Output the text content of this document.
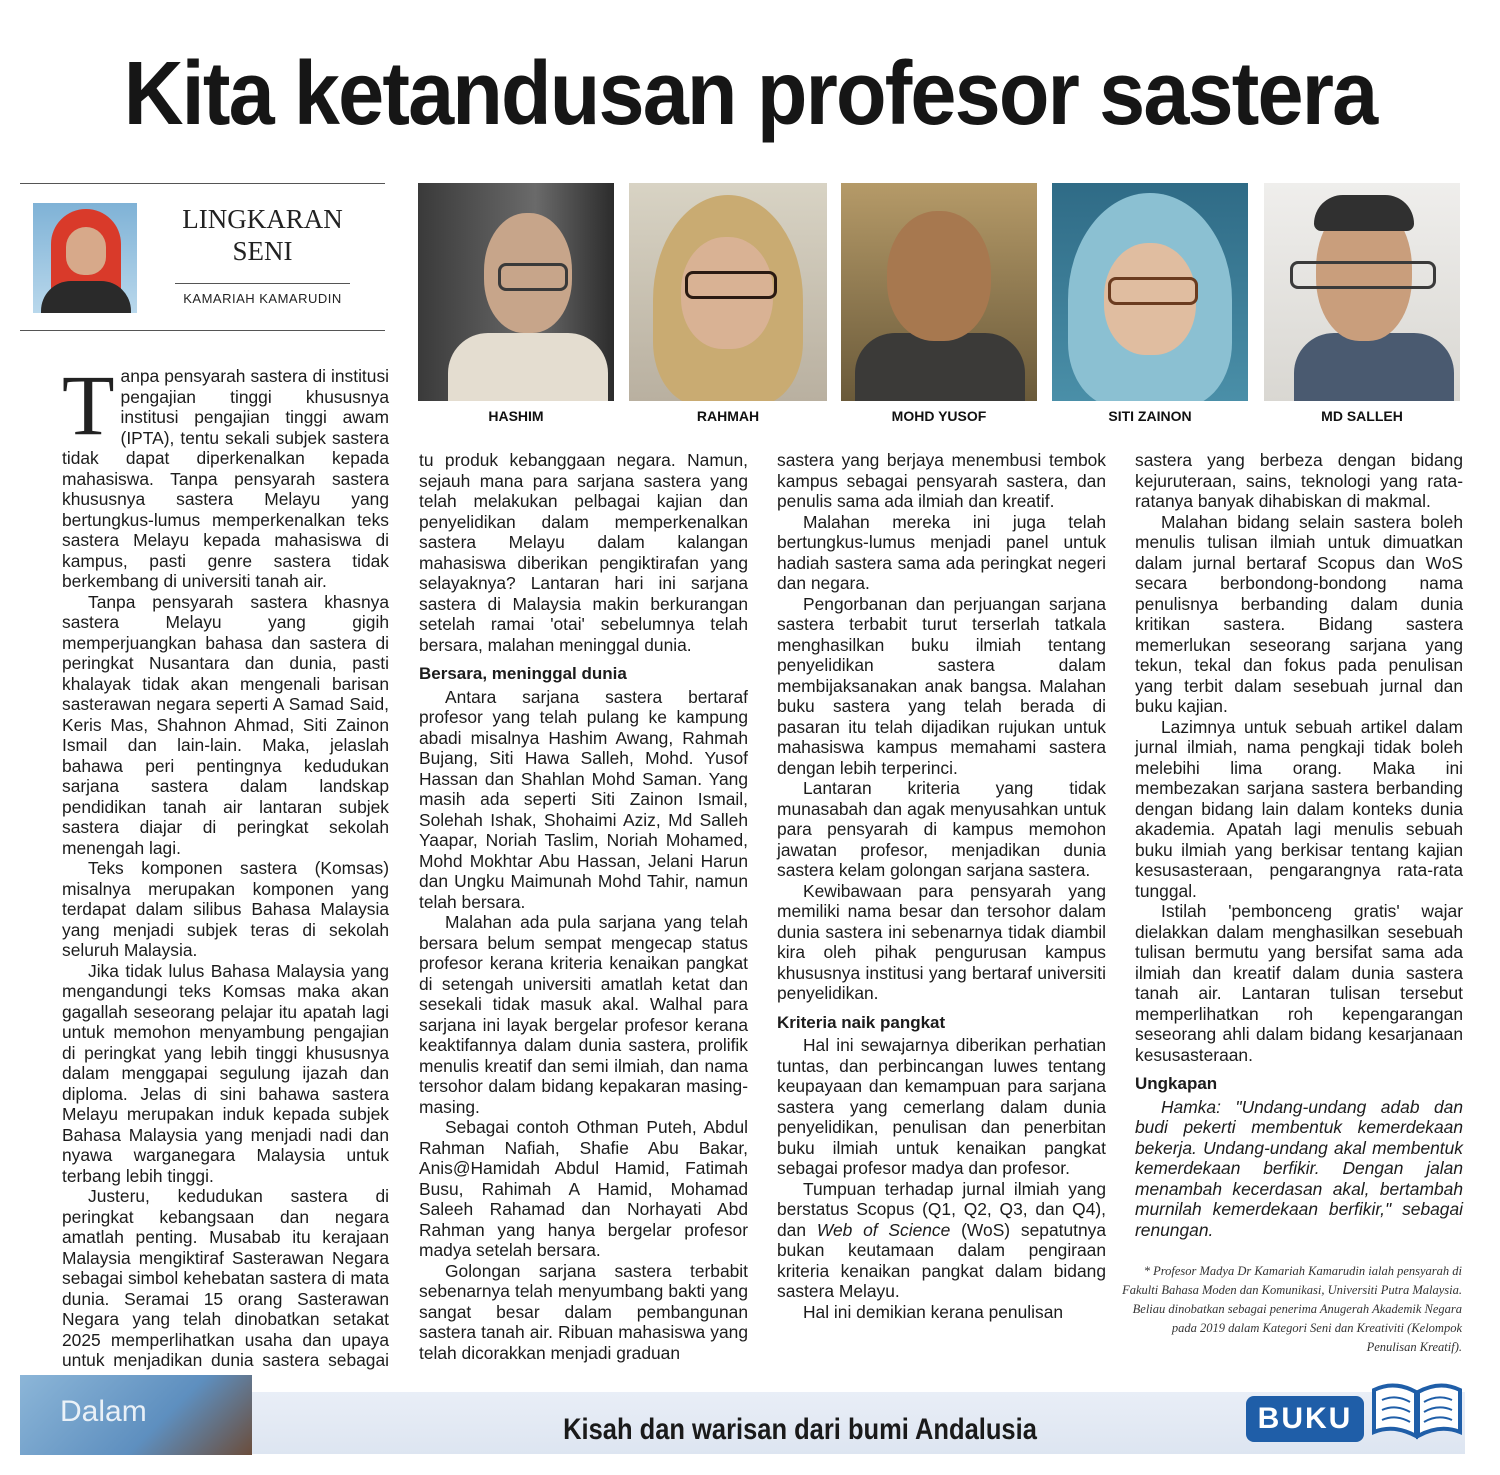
Kita ketandusan profesor sastera
LINGKARAN
SENI
KAMARIAH KAMARUDIN
HASHIM	RAHMAH	MOHD YUSOF	SITI ZAINON	MD SALLEH

Tanpa pensyarah sastera di institusi pengajian tinggi khususnya institusi pengajian tinggi awam (IPTA), tentu sekali subjek sastera tidak dapat diperkenalkan kepada mahasiswa. Tanpa pensyarah sastera khususnya sastera Melayu yang bertungkus-lumus memperkenalkan teks sastera Melayu kepada mahasiswa di kampus, pasti genre sastera tidak berkembang di universiti tanah air.

Tanpa pensyarah sastera khasnya sastera Melayu yang gigih memperjuangkan bahasa dan sastera di peringkat Nusantara dan dunia, pasti khalayak tidak akan mengenali barisan sasterawan negara seperti A Samad Said, Keris Mas, Shahnon Ahmad, Siti Zainon Ismail dan lain-lain. Maka, jelaslah bahawa peri pentingnya kedudukan sarjana sastera dalam landskap pendidikan tanah air lantaran subjek sastera diajar di peringkat sekolah menengah lagi.

Teks komponen sastera (Komsas) misalnya merupakan komponen yang terdapat dalam silibus Bahasa Malaysia yang menjadi subjek teras di sekolah seluruh Malaysia.

Jika tidak lulus Bahasa Malaysia yang mengandungi teks Komsas maka akan gagallah seseorang pelajar itu apatah lagi untuk memohon menyambung pengajian di peringkat yang lebih tinggi khususnya dalam menggapai segulung ijazah dan diploma. Jelas di sini bahawa sastera Melayu merupakan induk kepada subjek Bahasa Malaysia yang menjadi nadi dan nyawa warganegara Malaysia untuk terbang lebih tinggi.

Justeru, kedudukan sastera di peringkat kebangsaan dan negara amatlah penting. Musabab itu kerajaan Malaysia mengiktiraf Sasterawan Negara sebagai simbol kehebatan sastera di mata dunia. Seramai 15 orang Sasterawan Negara yang telah dinobatkan setakat 2025 memperlihatkan usaha dan upaya untuk menjadikan dunia sastera sebagai

tu produk kebanggaan negara. Namun, sejauh mana para sarjana sastera yang telah melakukan pelbagai kajian dan penyelidikan dalam memperkenalkan sastera Melayu dalam kalangan mahasiswa diberikan pengiktirafan yang selayaknya? Lantaran hari ini sarjana sastera di Malaysia makin berkurangan setelah ramai 'otai' sebelumnya telah bersara, malahan meninggal dunia.

Bersara, meninggal dunia

Antara sarjana sastera bertaraf profesor yang telah pulang ke kampung abadi misalnya Hashim Awang, Rahmah Bujang, Siti Hawa Salleh, Mohd. Yusof Hassan dan Shahlan Mohd Saman. Yang masih ada seperti Siti Zainon Ismail, Solehah Ishak, Shohaimi Aziz, Md Salleh Yaapar, Noriah Taslim, Noriah Mohamed, Mohd Mokhtar Abu Hassan, Jelani Harun dan Ungku Maimunah Mohd Tahir, namun telah bersara.

Malahan ada pula sarjana yang telah bersara belum sempat mengecap status profesor kerana kriteria kenaikan pangkat di setengah universiti amatlah ketat dan sesekali tidak masuk akal. Walhal para sarjana ini layak bergelar profesor kerana keaktifannya dalam dunia sastera, prolifik menulis kreatif dan semi ilmiah, dan nama tersohor dalam bidang kepakaran masing-masing.

Sebagai contoh Othman Puteh, Abdul Rahman Nafiah, Shafie Abu Bakar, Anis@Hamidah Abdul Hamid, Fatimah Busu, Rahimah A Hamid, Mohamad Saleeh Rahamad dan Norhayati Abd Rahman yang hanya bergelar profesor madya setelah bersara.

Golongan sarjana sastera terbabit sebenarnya telah menyumbang bakti yang sangat besar dalam pembangunan sastera tanah air. Ribuan mahasiswa yang telah dicorakkan menjadi graduan

sastera yang berjaya menembusi tembok kampus sebagai pensyarah sastera, dan penulis sama ada ilmiah dan kreatif.

Malahan mereka ini juga telah bertungkus-lumus menjadi panel untuk hadiah sastera sama ada peringkat negeri dan negara.

Pengorbanan dan perjuangan sarjana sastera terbabit turut terserlah tatkala menghasilkan buku ilmiah tentang penyelidikan sastera dalam membijaksanakan anak bangsa. Malahan buku sastera yang telah berada di pasaran itu telah dijadikan rujukan untuk mahasiswa kampus memahami sastera dengan lebih terperinci.

Lantaran kriteria yang tidak munasabah dan agak menyusahkan untuk para pensyarah di kampus memohon jawatan profesor, menjadikan dunia sastera kelam golongan sarjana sastera.

Kewibawaan para pensyarah yang memiliki nama besar dan tersohor dalam dunia sastera ini sebenarnya tidak diambil kira oleh pihak pengurusan kampus khususnya institusi yang bertaraf universiti penyelidikan.

Kriteria naik pangkat

Hal ini sewajarnya diberikan perhatian tuntas, dan perbincangan luwes tentang keupayaan dan kemampuan para sarjana sastera yang cemerlang dalam dunia penyelidikan, penulisan dan penerbitan buku ilmiah untuk kenaikan pangkat sebagai profesor madya dan profesor.

Tumpuan terhadap jurnal ilmiah yang berstatus Scopus (Q1, Q2, Q3, dan Q4), dan Web of Science (WoS) sepatutnya bukan keutamaan dalam pengiraan kriteria kenaikan pangkat dalam bidang sastera Melayu.

Hal ini demikian kerana penulisan

sastera yang berbeza dengan bidang kejuruteraan, sains, teknologi yang rata-ratanya banyak dihabiskan di makmal.

Malahan bidang selain sastera boleh menulis tulisan ilmiah untuk dimuatkan dalam jurnal bertaraf Scopus dan WoS secara berbondong-bondong nama penulisnya berbanding dalam dunia kritikan sastera. Bidang sastera memerlukan seseorang sarjana yang tekun, tekal dan fokus pada penulisan yang terbit dalam sesebuah jurnal dan buku kajian.

Lazimnya untuk sebuah artikel dalam jurnal ilmiah, nama pengkaji tidak boleh melebihi lima orang. Maka ini membezakan sarjana sastera berbanding dengan bidang lain dalam konteks dunia akademia. Apatah lagi menulis sebuah buku ilmiah yang berkisar tentang kajian kesusasteraan, pengarangnya rata-rata tunggal.

Istilah 'pembonceng gratis' wajar dielakkan dalam menghasilkan sesebuah tulisan bermutu yang bersifat sama ada ilmiah dan kreatif dalam dunia sastera tanah air. Lantaran tulisan tersebut memperlihatkan roh kepengarangan seseorang ahli dalam bidang kesarjanaan kesusasteraan.

Ungkapan

Hamka: "Undang-undang adab dan budi pekerti membentuk kemerdekaan bekerja. Undang-undang akal membentuk kemerdekaan berfikir. Dengan jalan menambah kecerdasan akal, bertambah murnilah kemerdekaan berfikir," sebagai renungan.

* Profesor Madya Dr Kamariah Kamarudin ialah pensyarah di Fakulti Bahasa Moden dan Komunikasi, Universiti Putra Malaysia. Beliau dinobatkan sebagai penerima Anugerah Akademik Negara pada 2019 dalam Kategori Seni dan Kreativiti (Kelompok Penulisan Kreatif).
Dalam
Kisah dan warisan dari bumi Andalusia	BUKU
